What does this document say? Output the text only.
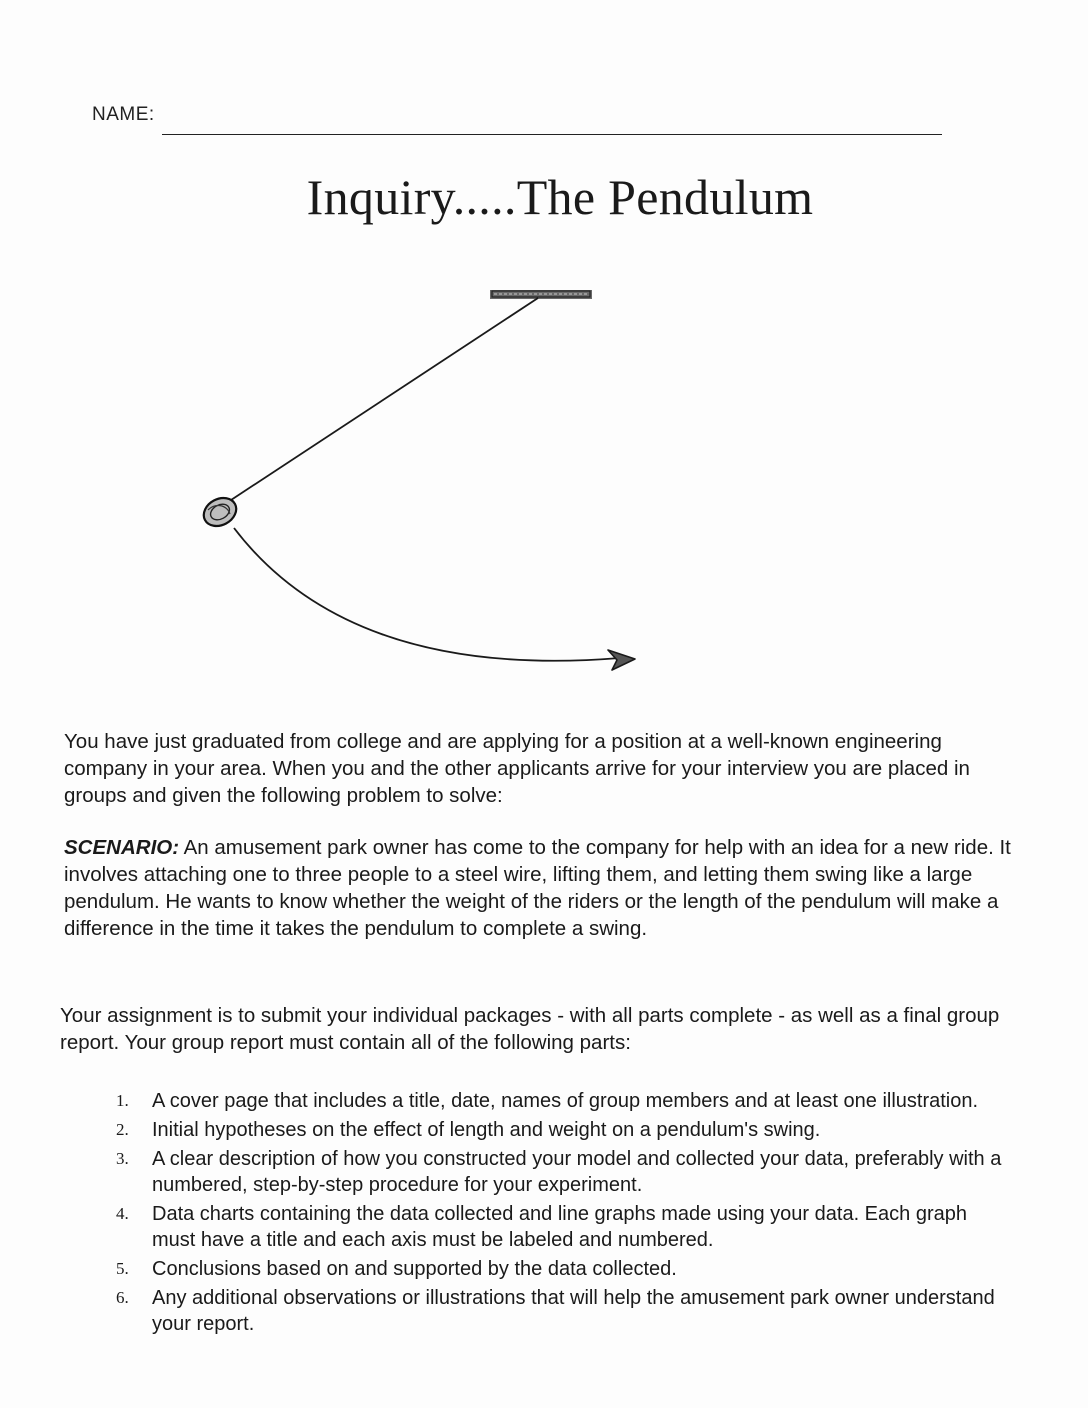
NAME:
Inquiry.....The Pendulum

You have just graduated from college and are applying for a position at a well-known engineering company in your area. When you and the other applicants arrive for your interview you are placed in groups and given the following problem to solve:

SCENARIO: An amusement park owner has come to the company for help with an idea for a new ride. It involves attaching one to three people to a steel wire, lifting them, and letting them swing like a large pendulum. He wants to know whether the weight of the riders or the length of the pendulum will make a difference in the time it takes the pendulum to complete a swing.

Your assignment is to submit your individual packages - with all parts complete - as well as a final group report. Your group report must contain all of the following parts:

1. A cover page that includes a title, date, names of group members and at least one illustration.
2. Initial hypotheses on the effect of length and weight on a pendulum's swing.
3. A clear description of how you constructed your model and collected your data, preferably with a numbered, step-by-step procedure for your experiment.
4. Data charts containing the data collected and line graphs made using your data. Each graph must have a title and each axis must be labeled and numbered.
5. Conclusions based on and supported by the data collected.
6. Any additional observations or illustrations that will help the amusement park owner understand your report.
